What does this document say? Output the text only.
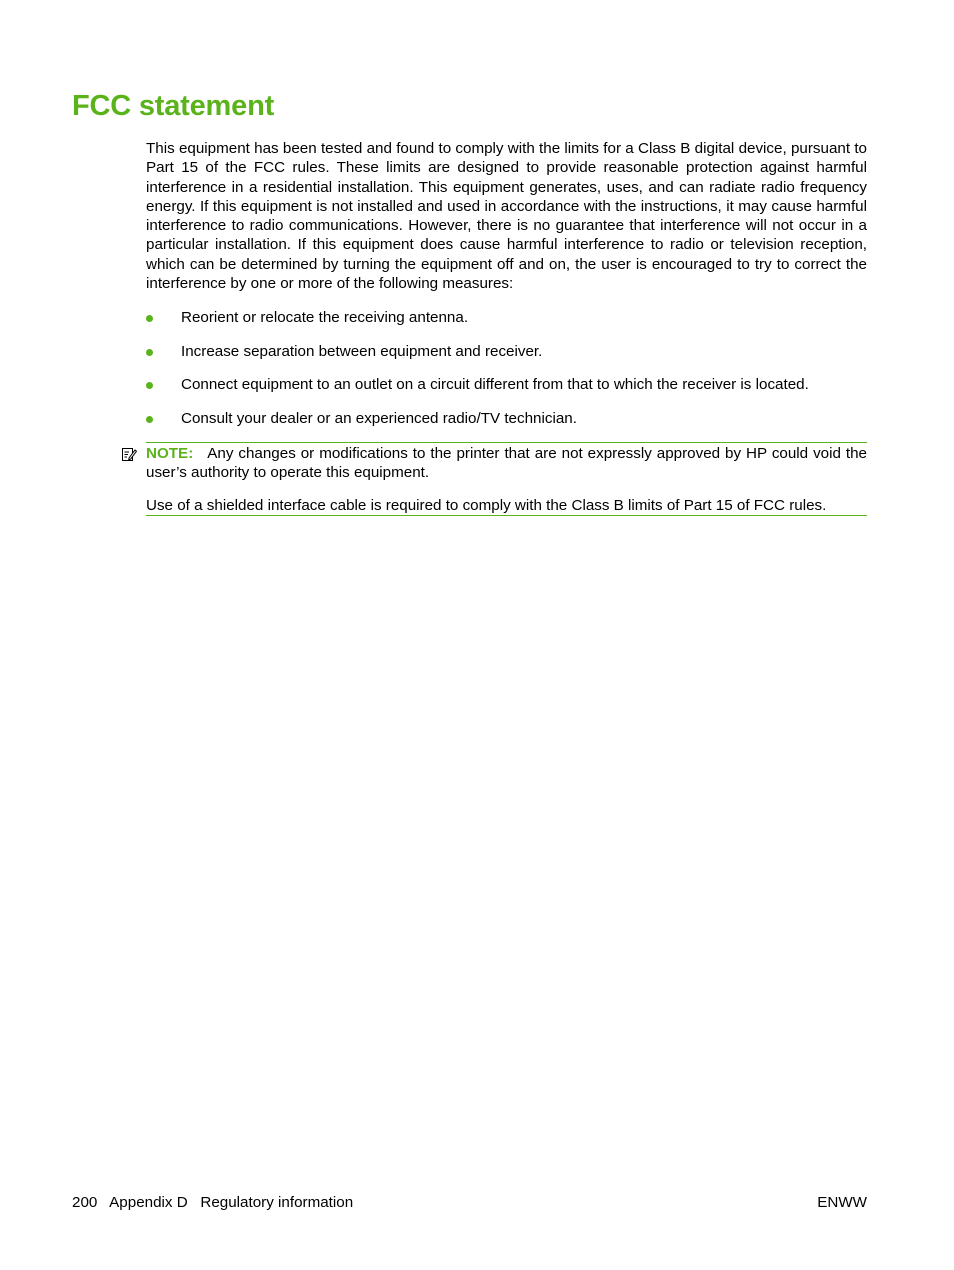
FCC statement

This equipment has been tested and found to comply with the limits for a Class B digital device, pursuant to Part 15 of the FCC rules. These limits are designed to provide reasonable protection against harmful interference in a residential installation. This equipment generates, uses, and can radiate radio frequency energy. If this equipment is not installed and used in accordance with the instructions, it may cause harmful interference to radio communications. However, there is no guarantee that interference will not occur in a particular installation. If this equipment does cause harmful interference to radio or television reception, which can be determined by turning the equipment off and on, the user is encouraged to try to correct the interference by one or more of the following measures:

Reorient or relocate the receiving antenna.
Increase separation between equipment and receiver.
Connect equipment to an outlet on a circuit different from that to which the receiver is located.
Consult your dealer or an experienced radio/TV technician.
NOTE: Any changes or modifications to the printer that are not expressly approved by HP could void the user’s authority to operate this equipment.

Use of a shielded interface cable is required to comply with the Class B limits of Part 15 of FCC rules.

200 Appendix D Regulatory information	ENWW
